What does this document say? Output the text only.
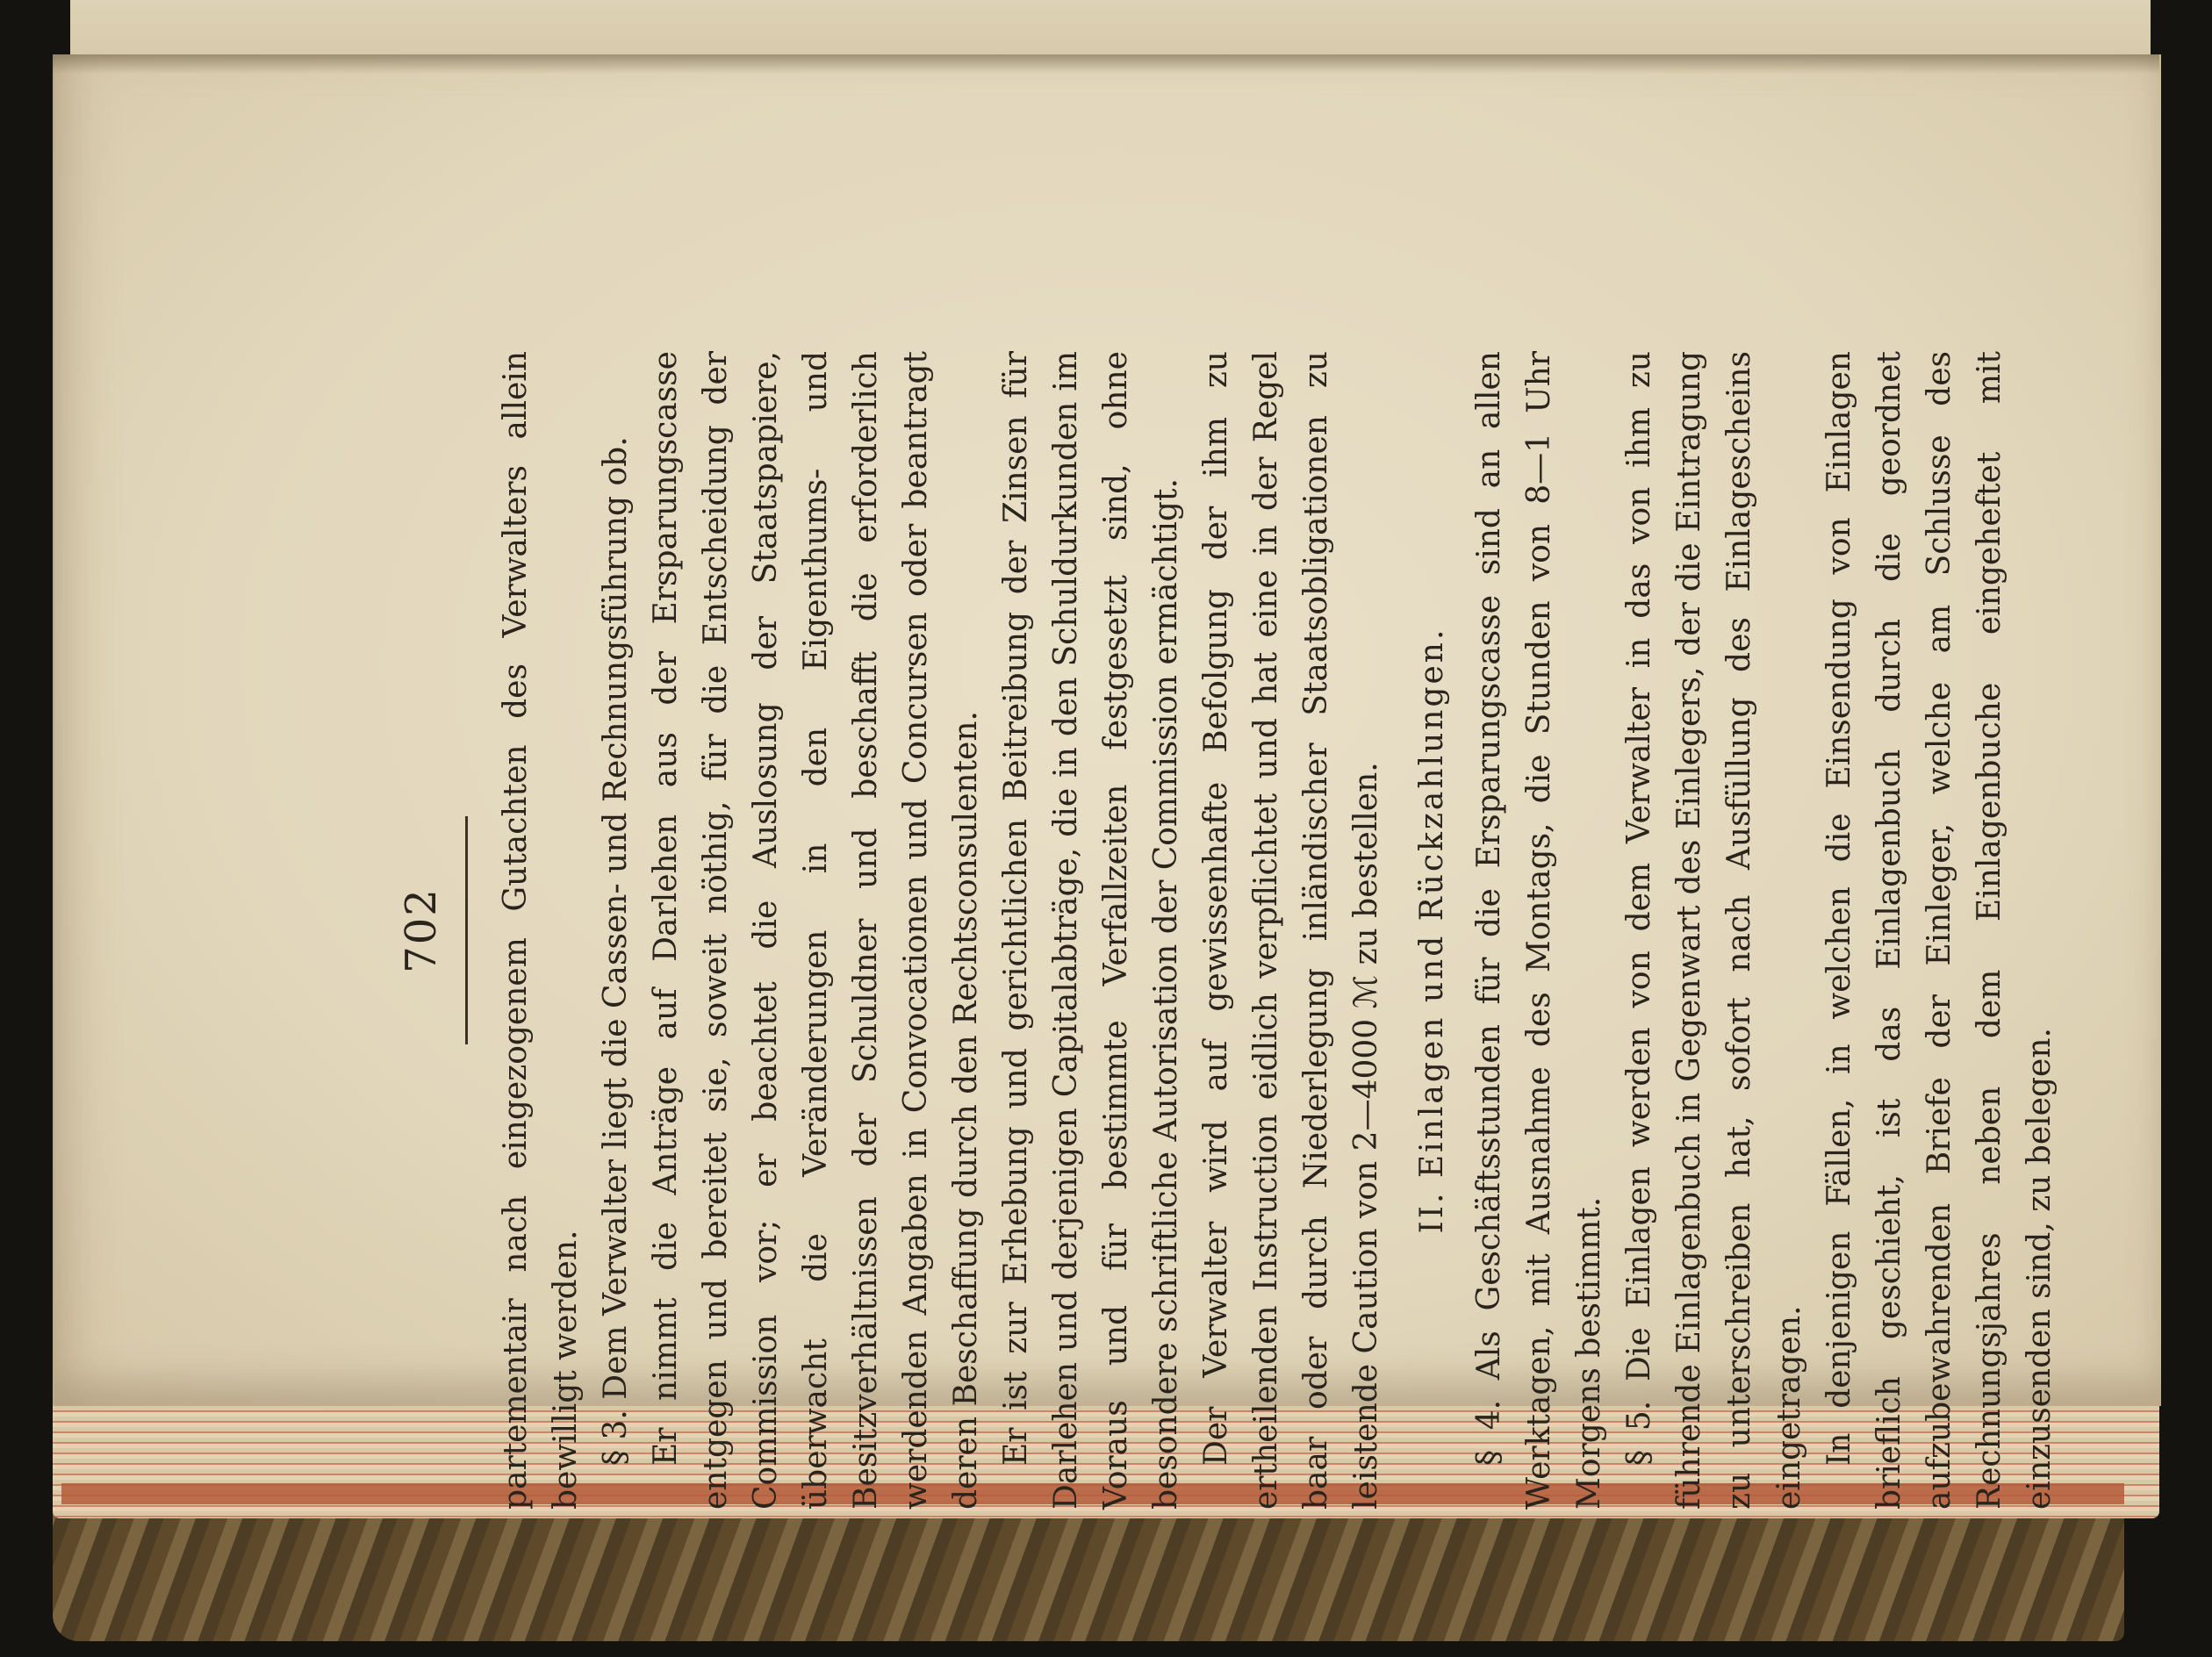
702 partementair nach eingezogenem Gutachten des Verwalters allein bewilligt werden. § 3. Dem Verwalter liegt die Cassen- und Rechnungsführung ob. Er nimmt die Anträge auf Darlehen aus der Ersparungscasse entgegen und bereitet sie, soweit nöthig, für die Entscheidung der Commission vor; er beachtet die Auslosung der Staatspapiere, überwacht die Veränderungen in den Eigenthums- und Besitzverhältnissen der Schuldner und beschafft die erforderlich werdenden Angaben in Convocationen und Concursen oder beantragt deren Beschaffung durch den Rechtsconsulenten. Er ist zur Erhebung und gerichtlichen Beitreibung der Zinsen für Darlehen und derjenigen Capitalabträge, die in den Schuldurkunden im Voraus und für bestimmte Verfallzeiten festgesetzt sind, ohne besondere schriftliche Autorisation der Commission ermächtigt. Der Verwalter wird auf gewissenhafte Befolgung der ihm zu ertheilenden Instruction eidlich verpflichtet und hat eine in der Regel baar oder durch Niederlegung inländischer Staatsobligationen zu leistende Caution von 2—4000 ℳ zu bestellen. II. Einlagen und Rückzahlungen. § 4. Als Geschäftsstunden für die Ersparungscasse sind an allen Werktagen, mit Ausnahme des Montags, die Stunden von 8—1 Uhr Morgens bestimmt. § 5. Die Einlagen werden von dem Verwalter in das von ihm zu führende Einlagenbuch in Gegenwart des Einlegers, der die Eintragung zu unterschreiben hat, sofort nach Ausfüllung des Einlagescheins eingetragen. In denjenigen Fällen, in welchen die Einsendung von Einlagen brieflich geschieht, ist das Einlagenbuch durch die geordnet aufzubewahrenden Briefe der Einleger, welche am Schlusse des Rechnungsjahres neben dem Einlagenbuche eingeheftet mit einzusenden sind, zu belegen.
